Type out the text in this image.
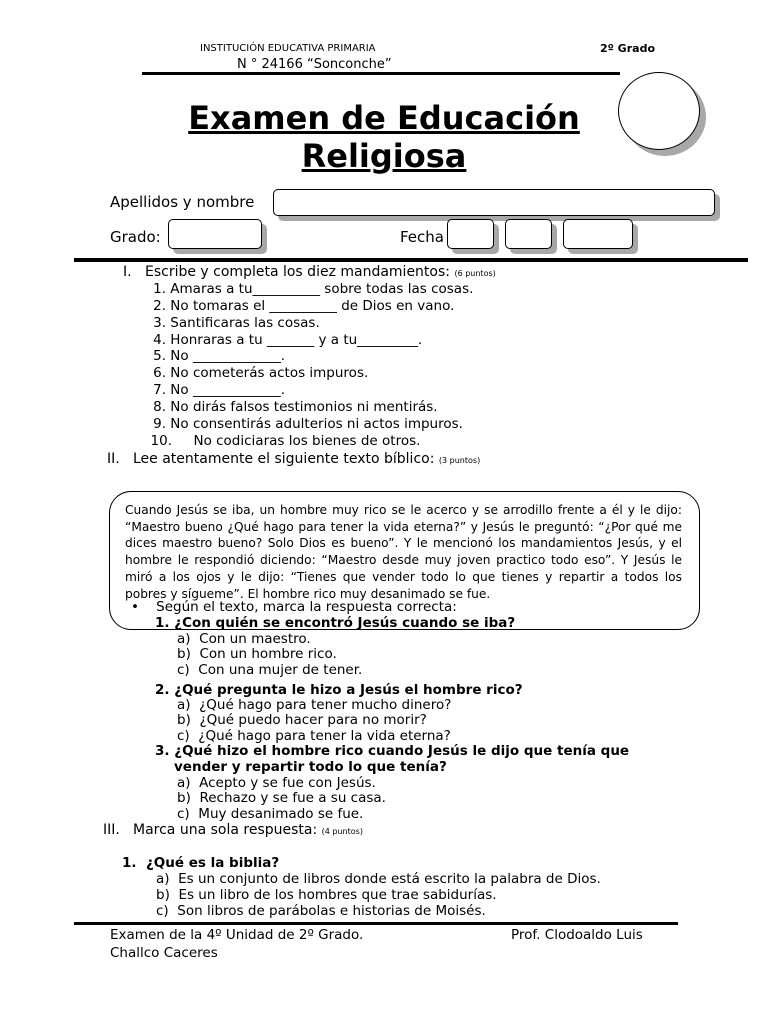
INSTITUCIÓN EDUCATIVA PRIMARIA	2º Grado
N ° 24166 “Sonconche”
Examen de Educación
Religiosa
Apellidos y nombre
Grado:	Fecha
I. Escribe y completa los diez mandamientos: (6 puntos)
1. Amaras a tu__________ sobre todas las cosas.
2. No tomaras el __________ de Dios en vano.
3. Santificaras las cosas.
4. Honraras a tu _______ y a tu_________.
5. No _____________.
6. No cometerás actos impuros.
7. No _____________.
8. No dirás falsos testimonios ni mentirás.
9. No consentirás adulterios ni actos impuros.
10. No codiciaras los bienes de otros.
II. Lee atentamente el siguiente texto bíblico: (3 puntos)
Cuando Jesús se iba, un hombre muy rico se le acerco y se arrodillo frente a él y le dijo: “Maestro bueno ¿Qué hago para tener la vida eterna?” y Jesús le preguntó: “¿Por qué me dices maestro bueno? Solo Dios es bueno”. Y le mencionó los mandamientos Jesús, y el hombre le respondió diciendo: “Maestro desde muy joven practico todo eso”. Y Jesús le miró a los ojos y le dijo: “Tienes que vender todo lo que tienes y repartir a todos los pobres y sígueme”. El hombre rico muy desanimado se fue.
•    Según el texto, marca la respuesta correcta:
1. ¿Con quién se encontró Jesús cuando se iba?
a) Con un maestro.
b) Con un hombre rico.
c) Con una mujer de tener.
2. ¿Qué pregunta le hizo a Jesús el hombre rico?
a) ¿Qué hago para tener mucho dinero?
b) ¿Qué puedo hacer para no morir?
c) ¿Qué hago para tener la vida eterna?
3. ¿Qué hizo el hombre rico cuando Jesús le dijo que tenía que
vender y repartir todo lo que tenía?
a) Acepto y se fue con Jesús.
b) Rechazo y se fue a su casa.
c) Muy desanimado se fue.
III. Marca una sola respuesta: (4 puntos)
1. ¿Qué es la biblia?
a) Es un conjunto de libros donde está escrito la palabra de Dios.
b) Es un libro de los hombres que trae sabidurías.
c) Son libros de parábolas e historias de Moisés.
Examen de la 4º Unidad de 2º Grado.	Prof. Clodoaldo Luis
Challco Caceres
